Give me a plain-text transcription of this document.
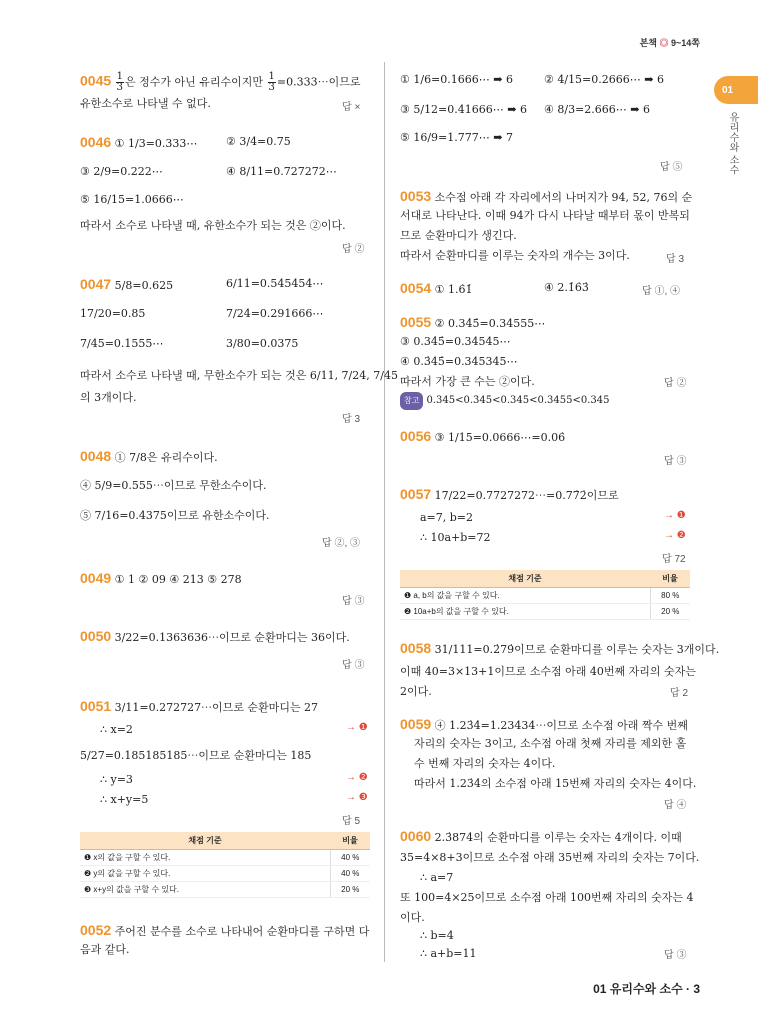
본책 ◎ 9~14쪽
01
유리수와 소수
$0045 \frac{1}{3}$ 은 정수가 아닌 유리수이지만 $\frac{1}{3}$ =0.333⋯이므로
유한소수로 나타낼 수 없다.	답 ×
0046 ① 1/3=0.333⋯	② 3/4=0.75
③ 2/9=0.222⋯	④ 8/11=0.727272⋯
⑤ 16/15=1.0666⋯
따라서 소수로 나타낼 때, 유한소수가 되는 것은 ②이다.
답 ②
0047 5/8=0.625	6/11=0.545454⋯
17/20=0.85	7/24=0.291666⋯
7/45=0.1555⋯	3/80=0.0375
따라서 소수로 나타낼 때, 무한소수가 되는 것은 6/11, 7/24, 7/45
의 3개이다.
답 3
0048 ① 7/8은 유리수이다.
④ 5/9=0.555⋯이므로 무한소수이다.
⑤ 7/16=0.4375이므로 유한소수이다.
답 ②, ③
0049 ① 1 ② 09 ④ 213 ⑤ 278
답 ③
0050 3/22=0.1363636⋯이므로 순환마디는 36이다.
답 ③
0051 3/11=0.272727⋯이므로 순환마디는 27
∴ x=2	→ ❶
5/27=0.185185185⋯이므로 순환마디는 185
∴ y=3	→ ❷
∴ x+y=5	→ ❸
답 5
채점 기준	비율
❶ x의 값을 구할 수 있다.	40 %
❷ y의 값을 구할 수 있다.	40 %
❸ x+y의 값을 구할 수 있다.	20 %
0052 주어진 분수를 소수로 나타내어 순환마디를 구하면 다
음과 같다.
① 1/6=0.1666⋯ ➡ 6	② 4/15=0.2666⋯ ➡ 6
③ 5/12=0.41666⋯ ➡ 6 ④ 8/3=2.666⋯ ➡ 6
⑤ 16/9=1.777⋯ ➡ 7
답 ⑤
0053 소수점 아래 각 자리에서의 나머지가 94, 52, 76의 순
서대로 나타난다. 이때 94가 다시 나타날 때부터 몫이 반복되
므로 순환마디가 생긴다.
따라서 순환마디를 이루는 숫자의 개수는 3이다.	답 3
0054 ① 1.6̇1̇	④ 2.1̇6̇3̇	답 ①, ④
0055 ② 0.34̇5̇=0.34555⋯
③ 0.34̇5̇=0.34545⋯
④ 0.3̇45̇=0.345345⋯
따라서 가장 큰 수는 ②이다.	답 ②
참고 0.345<0.3̇45̇<0.34̇5̇<0.3455<0.345
0056 ③ 1/15=0.0666⋯=0.06̇
답 ③
0057 17/22=0.7727272⋯=0.77̇2̇이므로
a=7, b=2	→ ❶
∴ 10a+b=72	→ ❷
답 72
채점 기준	비율
❶ a, b의 값을 구할 수 있다.	80 %
❷ 10a+b의 값을 구할 수 있다.	20 %
0058 31/111=0.2̇79̇이므로 순환마디를 이루는 숫자는 3개이다.
이때 40=3×13+1이므로 소수점 아래 40번째 자리의 숫자는
2이다.	답 2
0059 ④ 1.23̇4̇=1.23434⋯이므로 소수점 아래 짝수 번째
자리의 숫자는 3이고, 소수점 아래 첫째 자리를 제외한 홀
수 번째 자리의 숫자는 4이다.
따라서 1.23̇4̇의 소수점 아래 15번째 자리의 숫자는 4이다.
답 ④
0060 2.3̇874̇의 순환마디를 이루는 숫자는 4개이다. 이때
35=4×8+3이므로 소수점 아래 35번째 자리의 숫자는 7이다.
∴ a=7
또 100=4×25이므로 소수점 아래 100번째 자리의 숫자는 4
이다.
∴ b=4
∴ a+b=11	답 ③
01 유리수와 소수 · 3
